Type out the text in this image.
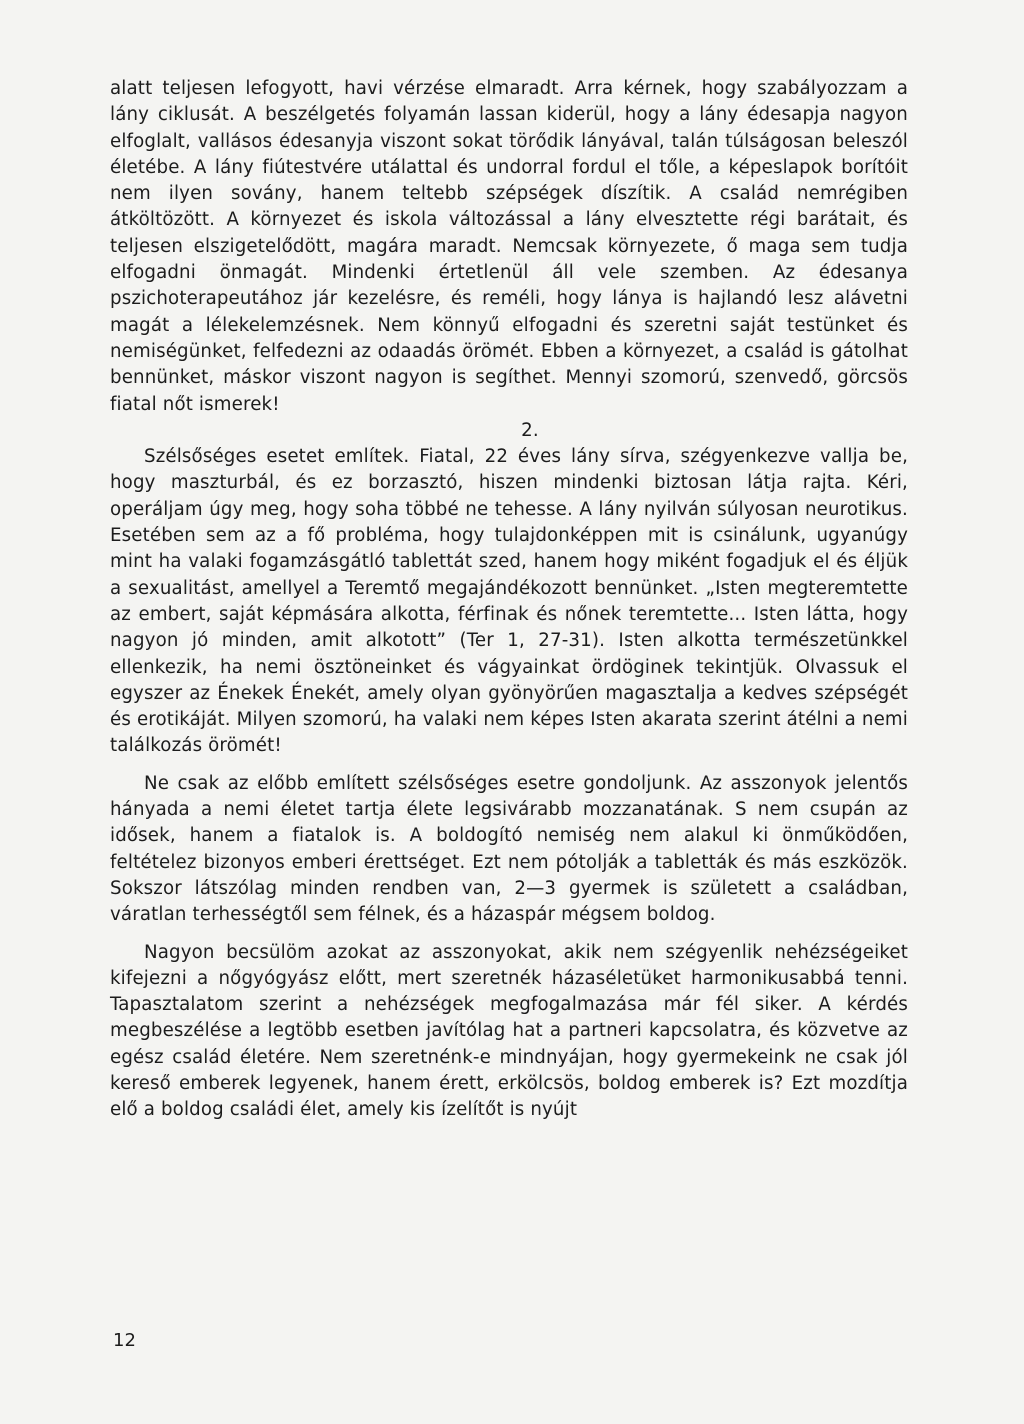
alatt teljesen lefogyott, havi vérzése elmaradt. Arra kérnek, hogy szabályozzam a lány ciklusát. A beszélgetés folyamán lassan kiderül, hogy a lány édesapja nagyon elfoglalt, vallásos édesanyja viszont sokat törődik lányával, talán túlságosan beleszól életébe. A lány fiútestvére utálattal és undorral fordul el tőle, a képeslapok borítóit nem ilyen sovány, hanem teltebb szépségek díszítik. A család nemrégiben átköltözött. A környezet és iskola változással a lány elvesztette régi barátait, és teljesen elszigetelődött, magára maradt. Nemcsak környezete, ő maga sem tudja elfogadni önmagát. Mindenki értetlenül áll vele szemben. Az édesanya pszichoterapeutához jár kezelésre, és reméli, hogy lánya is hajlandó lesz alávetni magát a lélekelemzésnek. Nem könnyű elfogadni és szeretni saját testünket és nemiségünket, felfedezni az odaadás örömét. Ebben a környezet, a család is gátolhat bennünket, máskor viszont nagyon is segíthet. Mennyi szomorú, szenvedő, görcsös fiatal nőt ismerek!

2.

Szélsőséges esetet említek. Fiatal, 22 éves lány sírva, szégyenkezve vallja be, hogy maszturbál, és ez borzasztó, hiszen mindenki biztosan látja rajta. Kéri, operáljam úgy meg, hogy soha többé ne tehesse. A lány nyilván súlyosan neurotikus. Esetében sem az a fő probléma, hogy tulajdonképpen mit is csinálunk, ugyanúgy mint ha valaki fogamzásgátló tablettát szed, hanem hogy miként fogadjuk el és éljük a sexualitást, amellyel a Teremtő megajándékozott bennünket. „Isten megteremtette az embert, saját képmására alkotta, férfinak és nőnek teremtette... Isten látta, hogy nagyon jó minden, amit alkotott” (Ter 1, 27-31). Isten alkotta természetünkkel ellenkezik, ha nemi ösztöneinket és vágyainkat ördöginek tekintjük. Olvassuk el egyszer az Énekek Énekét, amely olyan gyönyörűen magasztalja a kedves szépségét és erotikáját. Milyen szomorú, ha valaki nem képes Isten akarata szerint átélni a nemi találkozás örömét!

Ne csak az előbb említett szélsőséges esetre gondoljunk. Az asszonyok jelentős hányada a nemi életet tartja élete legsivárabb mozzanatának. S nem csupán az idősek, hanem a fiatalok is. A boldogító nemiség nem alakul ki önműködően, feltételez bizonyos emberi érettséget. Ezt nem pótolják a tabletták és más eszközök. Sokszor látszólag minden rendben van, 2—3 gyermek is született a családban, váratlan terhességtől sem félnek, és a házaspár mégsem boldog.

Nagyon becsülöm azokat az asszonyokat, akik nem szégyenlik nehézségeiket kifejezni a nőgyógyász előtt, mert szeretnék házaséletüket harmonikusabbá tenni. Tapasztalatom szerint a nehézségek megfogalmazása már fél siker. A kérdés megbeszélése a legtöbb esetben javítólag hat a partneri kapcsolatra, és közvetve az egész család életére. Nem szeretnénk-e mindnyájan, hogy gyermekeink ne csak jól kereső emberek legyenek, hanem érett, erkölcsös, boldog emberek is? Ezt mozdítja elő a boldog családi élet, amely kis ízelítőt is nyújt

12
